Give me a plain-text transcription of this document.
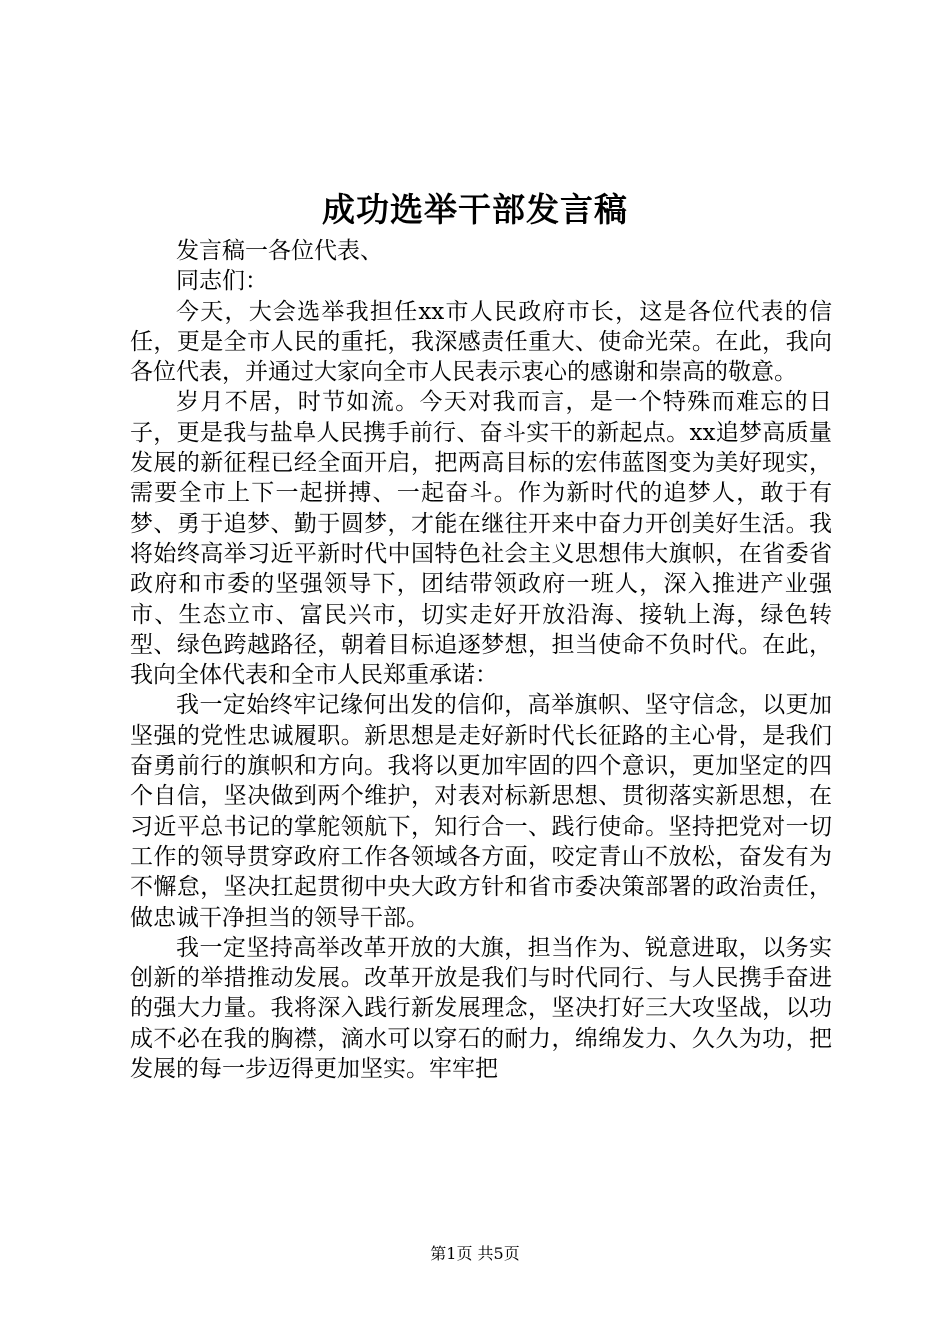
成功选举干部发言稿

发言稿一各位代表、

同志们：

今天，大会选举我担任xx市人民政府市长，这是各位代表的信任，更是全市人民的重托，我深感责任重大、使命光荣。在此，我向各位代表，并通过大家向全市人民表示衷心的感谢和崇高的敬意。

岁月不居，时节如流。今天对我而言，是一个特殊而难忘的日子，更是我与盐阜人民携手前行、奋斗实干的新起点。xx追梦高质量发展的新征程已经全面开启，把两高目标的宏伟蓝图变为美好现实，需要全市上下一起拼搏、一起奋斗。作为新时代的追梦人，敢于有梦、勇于追梦、勤于圆梦，才能在继往开来中奋力开创美好生活。我将始终高举习近平新时代中国特色社会主义思想伟大旗帜，在省委省政府和市委的坚强领导下，团结带领政府一班人，深入推进产业强市、生态立市、富民兴市，切实走好开放沿海、接轨上海，绿色转型、绿色跨越路径，朝着目标追逐梦想，担当使命不负时代。在此，我向全体代表和全市人民郑重承诺：

我一定始终牢记缘何出发的信仰，高举旗帜、坚守信念，以更加坚强的党性忠诚履职。新思想是走好新时代长征路的主心骨，是我们奋勇前行的旗帜和方向。我将以更加牢固的四个意识，更加坚定的四个自信，坚决做到两个维护，对表对标新思想、贯彻落实新思想，在习近平总书记的掌舵领航下，知行合一、践行使命。坚持把党对一切工作的领导贯穿政府工作各领域各方面，咬定青山不放松，奋发有为不懈怠，坚决扛起贯彻中央大政方针和省市委决策部署的政治责任，做忠诚干净担当的领导干部。

我一定坚持高举改革开放的大旗，担当作为、锐意进取，以务实创新的举措推动发展。改革开放是我们与时代同行、与人民携手奋进的强大力量。我将深入践行新发展理念，坚决打好三大攻坚战，以功成不必在我的胸襟，滴水可以穿石的耐力，绵绵发力、久久为功，把发展的每一步迈得更加坚实。牢牢把

第1页 共5页
